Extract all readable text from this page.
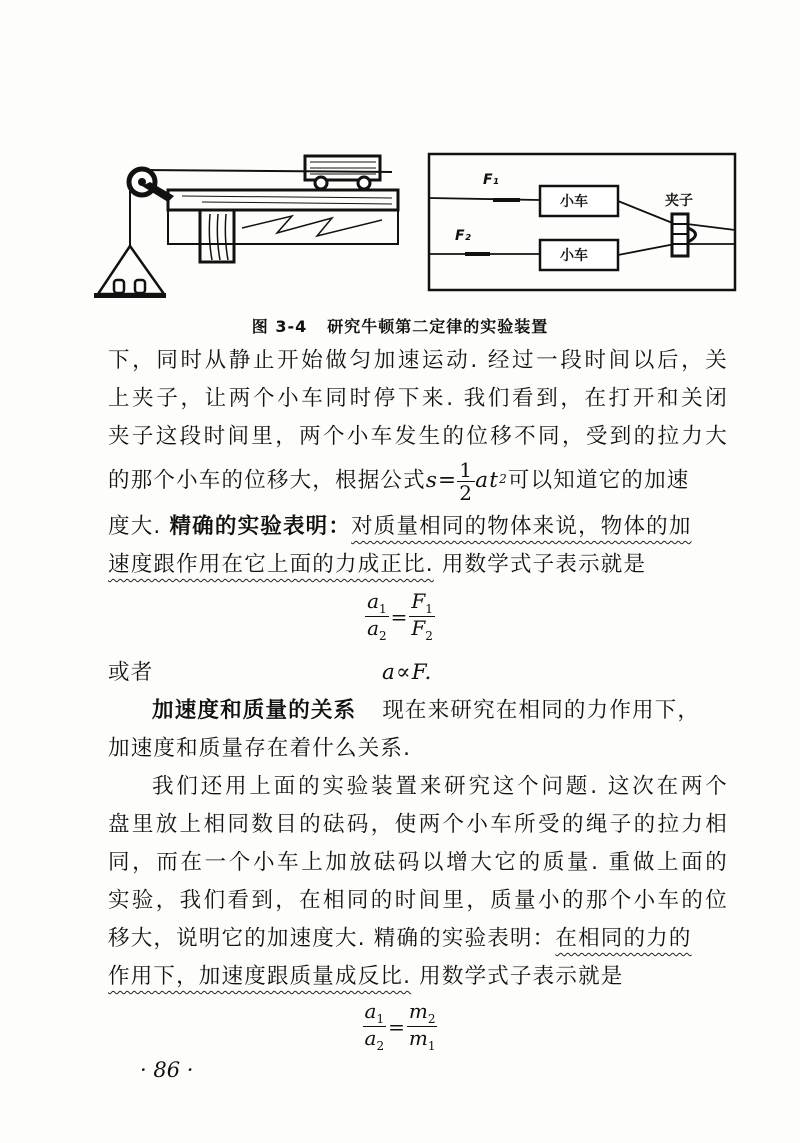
F₁
F₂
小车
小车
夹子
图 3-4 研究牛顿第二定律的实验装置
下，同时从静止开始做匀加速运动. 经过一段时间以后，关
上夹子，让两个小车同时停下来. 我们看到，在打开和关闭
夹子这段时间里，两个小车发生的位移不同，受到的拉力大
的那个小车的位移大，根据公式 $s= \frac{1}{2}$ at 2 可以知道它的加速
度大. 精确的实验表明：对质量相同的物体来说，物体的加
速度跟作用在它上面的力成正比. 用数学式子表示就是
$\frac{a_1}{a_2} = \frac{F_1}{F_2}$
或者	a∝F.
加速度和质量的关系 现在来研究在相同的力作用下，
加速度和质量存在着什么关系.
我们还用上面的实验装置来研究这个问题. 这次在两个
盘里放上相同数目的砝码，使两个小车所受的绳子的拉力相
同，而在一个小车上加放砝码以增大它的质量. 重做上面的
实验，我们看到，在相同的时间里，质量小的那个小车的位
移大，说明它的加速度大. 精确的实验表明：在相同的力的
作用下，加速度跟质量成反比. 用数学式子表示就是
$\frac{a_1}{a_2} = \frac{m_2}{m_1}$
· 86 ·
